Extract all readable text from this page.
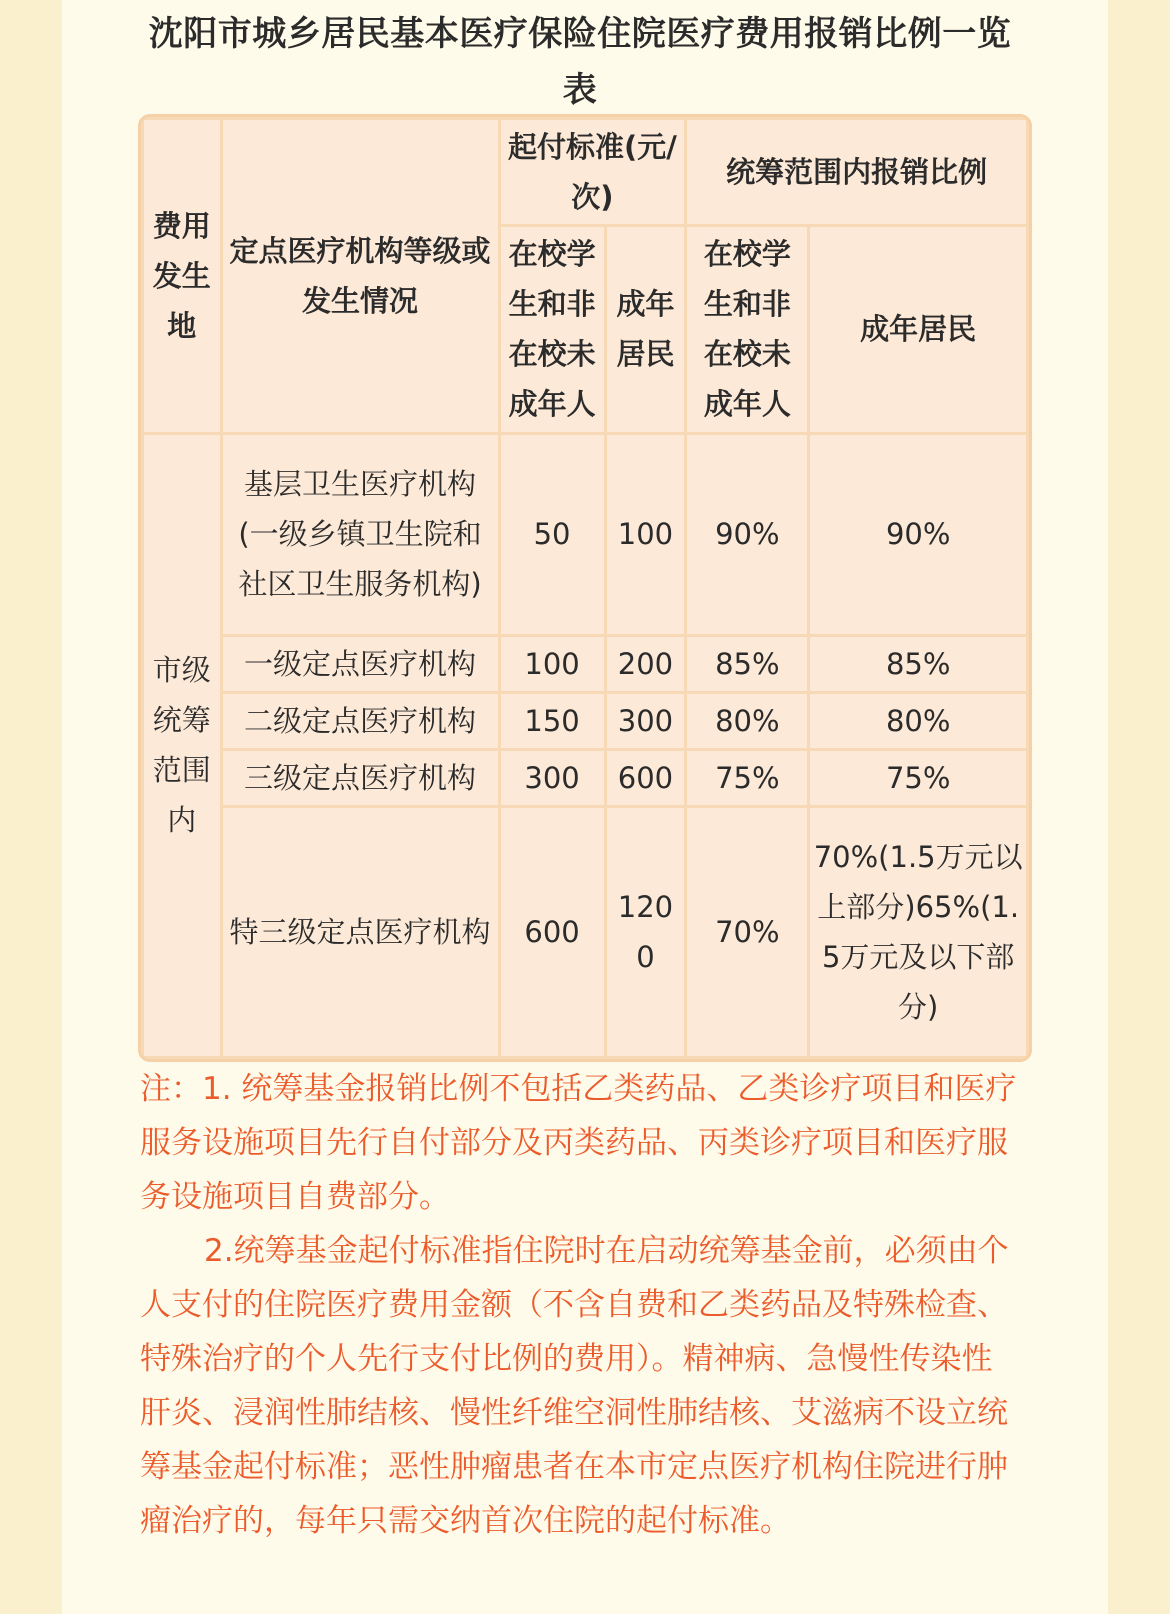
沈阳市城乡居民基本医疗保险住院医疗费用报销比例一览表
费用发生地	定点医疗机构等级或发生情况	起付标准(元/次)		统筹范围内报销比例	
		在校学生和非在校未成年人	成年居民	在校学生和非在校未成年人	成年居民
市级统筹范围内	基层卫生医疗机构(一级乡镇卫生院和社区卫生服务机构)	50	100	90%	90%
	一级定点医疗机构	100	200	85%	85%
	二级定点医疗机构	150	300	80%	80%
	三级定点医疗机构	300	600	75%	75%
	特三级定点医疗机构	600	1200	70%	70%(1.5万元以上部分)65%(1.5万元及以下部分)

注：1. 统筹基金报销比例不包括乙类药品、乙类诊疗项目和医疗服务设施项目先行自付部分及丙类药品、丙类诊疗项目和医疗服务设施项目自费部分。

2.统筹基金起付标准指住院时在启动统筹基金前，必须由个人支付的住院医疗费用金额（不含自费和乙类药品及特殊检查、特殊治疗的个人先行支付比例的费用）。精神病、急慢性传染性肝炎、浸润性肺结核、慢性纤维空洞性肺结核、艾滋病不设立统筹基金起付标准；恶性肿瘤患者在本市定点医疗机构住院进行肿瘤治疗的，每年只需交纳首次住院的起付标准。
